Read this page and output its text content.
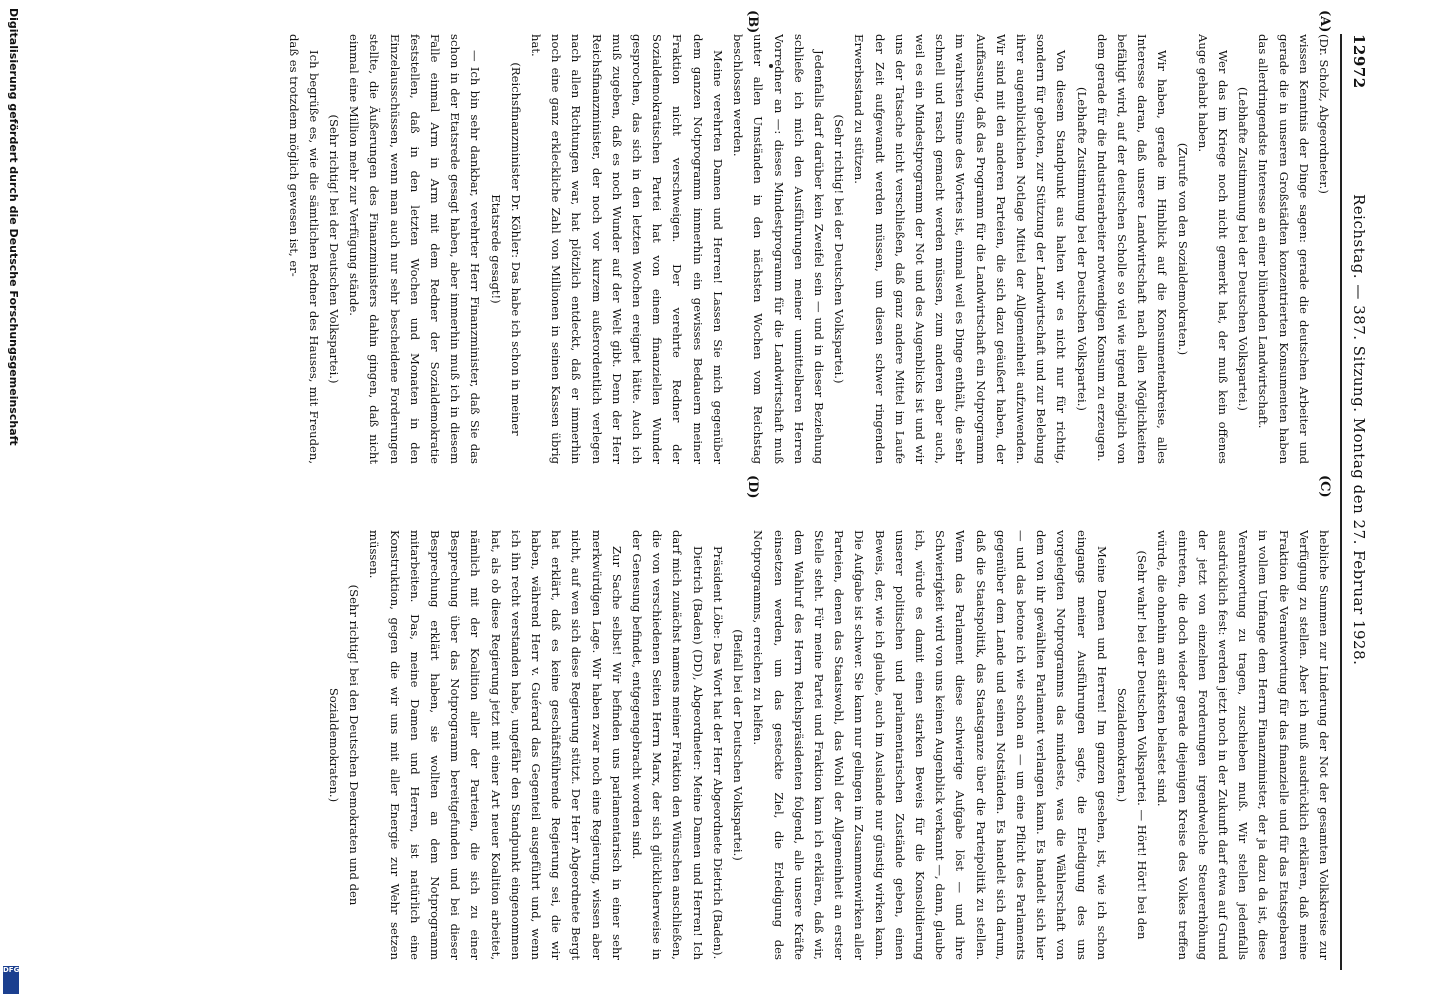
12972
Reichstag. — 387. Sitzung. Montag den 27. Februar 1928.
(A)
(B)
(C)
(D)

(Dr. Scholz, Abgeordneter.)

wissen Kenntnis der Dinge sagen: gerade die deutschen Arbeiter und gerade die in unseren Großstädten konzentrierten Konsumenten haben das allerdringendste Interesse an einer blühenden Landwirtschaft.

(Lebhafte Zustimmung bei der Deutschen Volkspartei.)

Wer das im Kriege noch nicht gemerkt hat, der muß kein offenes Auge gehabt haben.

(Zurufe von den Sozialdemokraten.)

Wir haben, gerade im Hinblick auf die Konsumentenkreise, alles Interesse daran, daß unsere Landwirtschaft nach allen Möglichkeiten befähigt wird, auf der deutschen Scholle so viel wie irgend möglich von dem gerade für die Industriearbeiter notwendigen Konsum zu erzeugen.

(Lebhafte Zustimmung bei der Deutschen Volkspartei.)

Von diesem Standpunkt aus halten wir es nicht nur für richtig, sondern für geboten, zur Stützung der Landwirtschaft und zur Belebung ihrer augenblicklichen Notlage Mittel der Allgemeinheit aufzuwenden. Wir sind mit den anderen Parteien, die sich dazu geäußert haben, der Auffassung, daß das Programm für die Landwirtschaft ein Notprogramm im wahrsten Sinne des Wortes ist, einmal weil es Dinge enthält, die sehr schnell und rasch gemacht werden müssen, zum anderen aber auch, weil es ein Mindestprogramm der Not und des Augenblicks ist und wir uns der Tatsache nicht verschließen, daß ganz andere Mittel im Laufe der Zeit aufgewandt werden müssen, um diesen schwer ringenden Erwerbsstand zu stützen.

(Sehr richtig! bei der Deutschen Volkspartei.)

Jedenfalls darf darüber kein Zweifel sein — und in dieser Beziehung schließe ich mich den Ausführungen meiner unmittelbaren Herren Vorredner an —: dieses Mindestprogramm für die Landwirtschaft muß unter allen Umständen in den nächsten Wochen vom Reichstag beschlossen werden.

Meine verehrten Damen und Herren! Lassen Sie mich gegenüber dem ganzen Notprogramm immerhin ein gewisses Bedauern meiner Fraktion nicht verschweigen. Der verehrte Redner der Sozialdemokratischen Partei hat von einem finanziellen Wunder gesprochen, das sich in den letzten Wochen ereignet hätte. Auch ich muß zugeben, daß es noch Wunder auf der Welt gibt. Denn der Herr Reichsfinanzminister, der noch vor kurzem außerordentlich verlegen nach allen Richtungen war, hat plötzlich entdeckt, daß er immerhin noch eine ganz erkleckliche Zahl von Millionen in seinen Kassen übrig hat.

(Reichsfinanzminister Dr. Köhler: Das habe ich schon in meiner Etatsrede gesagt!)

— Ich bin sehr dankbar, verehrter Herr Finanzminister, daß Sie das schon in der Etatsrede gesagt haben, aber immerhin muß ich in diesem Falle einmal Arm in Arm mit dem Redner der Sozialdemokratie feststellen, daß in den letzten Wochen und Monaten in den Einzelausschüssen, wenn man auch nur sehr bescheidene Forderungen stellte, die Äußerungen des Finanzministers dahin gingen, daß nicht einmal eine Million mehr zur Verfügung stände.

(Sehr richtig! bei der Deutschen Volkspartei.)

Ich begrüße es, wie die sämtlichen Redner des Hauses, mit Freuden, daß es trotzdem möglich gewesen ist, er-

hebliche Summen zur Linderung der Not der gesamten Volkskreise zur Verfügung zu stellen. Aber ich muß ausdrücklich erklären, daß meine Fraktion die Verantwortung für das finanzielle und für das Etatsgebaren in vollem Umfange dem Herrn Finanzminister, der ja dazu da ist, diese Verantwortung zu tragen, zuschieben muß. Wir stellen jedenfalls ausdrücklich fest: werden jetzt noch in der Zukunft darf etwa auf Grund der jetzt von einzelnen Forderungen irgendwelche Steuererhöhung eintreten, die doch wieder gerade diejenigen Kreise des Volkes treffen würde, die ohnehin am stärksten belastet sind.

(Sehr wahr! bei der Deutschen Volkspartei. — Hört! Hört! bei den Sozialdemokraten.)

Meine Damen und Herren! Im ganzen gesehen, ist, wie ich schon eingangs meiner Ausführungen sagte, die Erledigung des uns vorgelegten Notprogramms das mindeste, was die Wählerschaft von dem von ihr gewählten Parlament verlangen kann. Es handelt sich hier — und das betone ich wie schon an — um eine Pflicht des Parlaments gegenüber dem Lande und seinen Notständen. Es handelt sich darum, daß die Staatspolitik, das Staatsganze über die Parteipolitik zu stellen. Wenn das Parlament diese schwierige Aufgabe löst — und ihre Schwierigkeit wird von uns keinen Augenblick verkannt —, dann, glaube ich, würde es damit einen starken Beweis für die Konsolidierung unserer politischen und parlamentarischen Zustände geben, einen Beweis, der, wie ich glaube, auch im Auslande nur günstig wirken kann. Die Aufgabe ist schwer. Sie kann nur gelingen im Zusammenwirken aller Parteien, denen das Staatswohl, das Wohl der Allgemeinheit an erster Stelle steht. Für meine Partei und Fraktion kann ich erklären, daß wir, dem Wahlruf des Herrn Reichspräsidenten folgend, alle unsere Kräfte einsetzen werden, um das gesteckte Ziel, die Erledigung des Notprogramms, erreichen zu helfen.

(Beifall bei der Deutschen Volkspartei.)

Präsident Löbe: Das Wort hat der Herr Abgeordnete Dietrich (Baden).

Dietrich (Baden) (DD), Abgeordneter: Meine Damen und Herren! Ich darf mich zunächst namens meiner Fraktion den Wünschen anschließen, die von verschiedenen Seiten Herrn Marx, der sich glücklicherweise in der Genesung befindet, entgegengebracht worden sind.

Zur Sache selbst! Wir befinden uns parlamentarisch in einer sehr merkwürdigen Lage. Wir haben zwar noch eine Regierung, wissen aber nicht, auf wen sich diese Regierung stützt. Der Herr Abgeordnete Bergt hat erklärt, daß es keine geschäftsführende Regierung sei, die wir haben, während Herr v. Guérard das Gegenteil ausgeführt und, wenn ich ihn recht verstanden habe, ungefähr den Standpunkt eingenommen hat, als ob diese Regierung jetzt mit einer Art neuer Koalition arbeitet, nämlich mit der Koalition aller der Parteien, die sich zu einer Besprechung über das Notprogramm bereitgefunden und bei dieser Besprechung erklärt haben, sie wollten an dem Notprogramm mitarbeiten. Das, meine Damen und Herren, ist natürlich eine Konstruktion, gegen die wir uns mit aller Energie zur Wehr setzen müssen.

(Sehr richtig! bei den Deutschen Demokraten und den Sozialdemokraten.)

Digitalisierung gefördert durch die Deutsche Forschungsgemeinschaft
DFG
